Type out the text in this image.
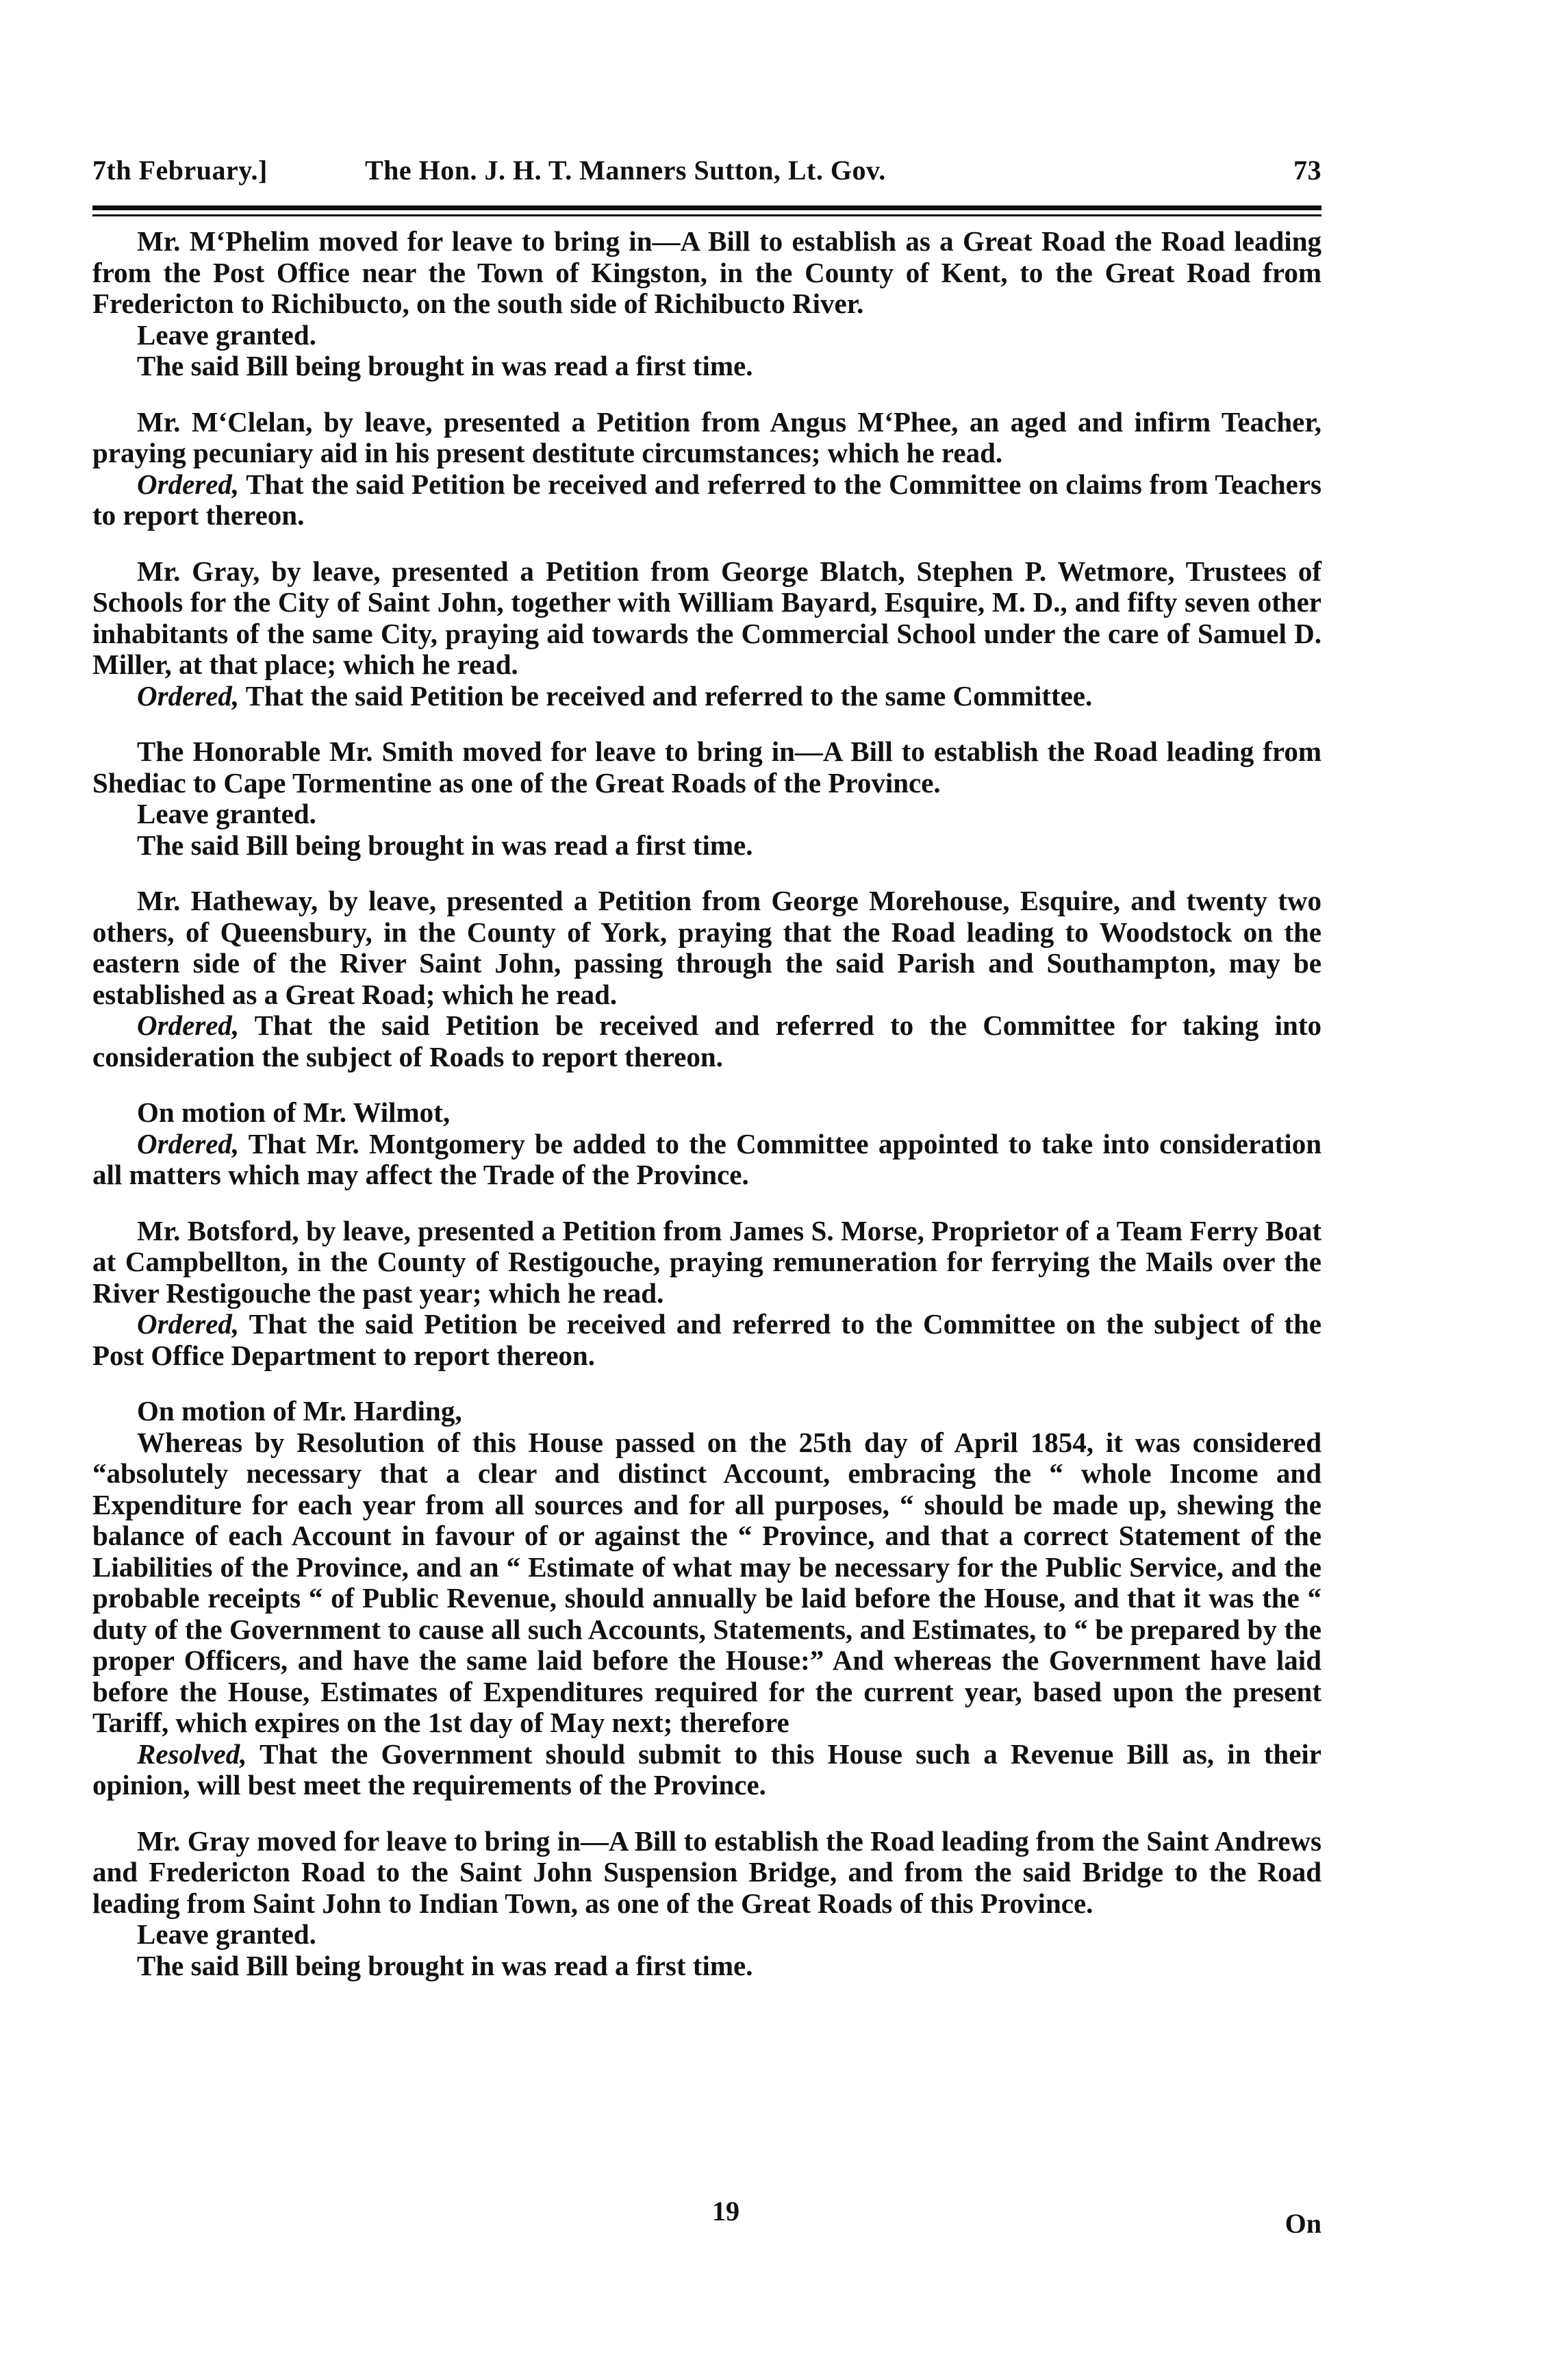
7th February.]	The Hon. J. H. T. Manners Sutton, Lt. Gov.	73
Mr. M‘Phelim moved for leave to bring in—A Bill to establish as a Great Road the Road leading from the Post Office near the Town of Kingston, in the County of Kent, to the Great Road from Fredericton to Richibucto, on the south side of Richibucto River.
Leave granted.
The said Bill being brought in was read a first time.
Mr. M‘Clelan, by leave, presented a Petition from Angus M‘Phee, an aged and infirm Teacher, praying pecuniary aid in his present destitute circumstances; which he read.
Ordered, That the said Petition be received and referred to the Committee on claims from Teachers to report thereon.
Mr. Gray, by leave, presented a Petition from George Blatch, Stephen P. Wetmore, Trustees of Schools for the City of Saint John, together with William Bayard, Esquire, M. D., and fifty seven other inhabitants of the same City, praying aid towards the Commercial School under the care of Samuel D. Miller, at that place; which he read.
Ordered, That the said Petition be received and referred to the same Committee.
The Honorable Mr. Smith moved for leave to bring in—A Bill to establish the Road leading from Shediac to Cape Tormentine as one of the Great Roads of the Province.
Leave granted.
The said Bill being brought in was read a first time.
Mr. Hatheway, by leave, presented a Petition from George Morehouse, Esquire, and twenty two others, of Queensbury, in the County of York, praying that the Road leading to Woodstock on the eastern side of the River Saint John, passing through the said Parish and Southampton, may be established as a Great Road; which he read.
Ordered, That the said Petition be received and referred to the Committee for taking into consideration the subject of Roads to report thereon.
On motion of Mr. Wilmot,
Ordered, That Mr. Montgomery be added to the Committee appointed to take into consideration all matters which may affect the Trade of the Province.
Mr. Botsford, by leave, presented a Petition from James S. Morse, Proprietor of a Team Ferry Boat at Campbellton, in the County of Restigouche, praying remuneration for ferrying the Mails over the River Restigouche the past year; which he read.
Ordered, That the said Petition be received and referred to the Committee on the subject of the Post Office Department to report thereon.
On motion of Mr. Harding,
Whereas by Resolution of this House passed on the 25th day of April 1854, it was considered “absolutely necessary that a clear and distinct Account, embracing the “ whole Income and Expenditure for each year from all sources and for all purposes, “ should be made up, shewing the balance of each Account in favour of or against the “ Province, and that a correct Statement of the Liabilities of the Province, and an “ Estimate of what may be necessary for the Public Service, and the probable receipts “ of Public Revenue, should annually be laid before the House, and that it was the “ duty of the Government to cause all such Accounts, Statements, and Estimates, to “ be prepared by the proper Officers, and have the same laid before the House:” And whereas the Government have laid before the House, Estimates of Expenditures required for the current year, based upon the present Tariff, which expires on the 1st day of May next; therefore
Resolved, That the Government should submit to this House such a Revenue Bill as, in their opinion, will best meet the requirements of the Province.
Mr. Gray moved for leave to bring in—A Bill to establish the Road leading from the Saint Andrews and Fredericton Road to the Saint John Suspension Bridge, and from the said Bridge to the Road leading from Saint John to Indian Town, as one of the Great Roads of this Province.
Leave granted.
The said Bill being brought in was read a first time.
19	On
